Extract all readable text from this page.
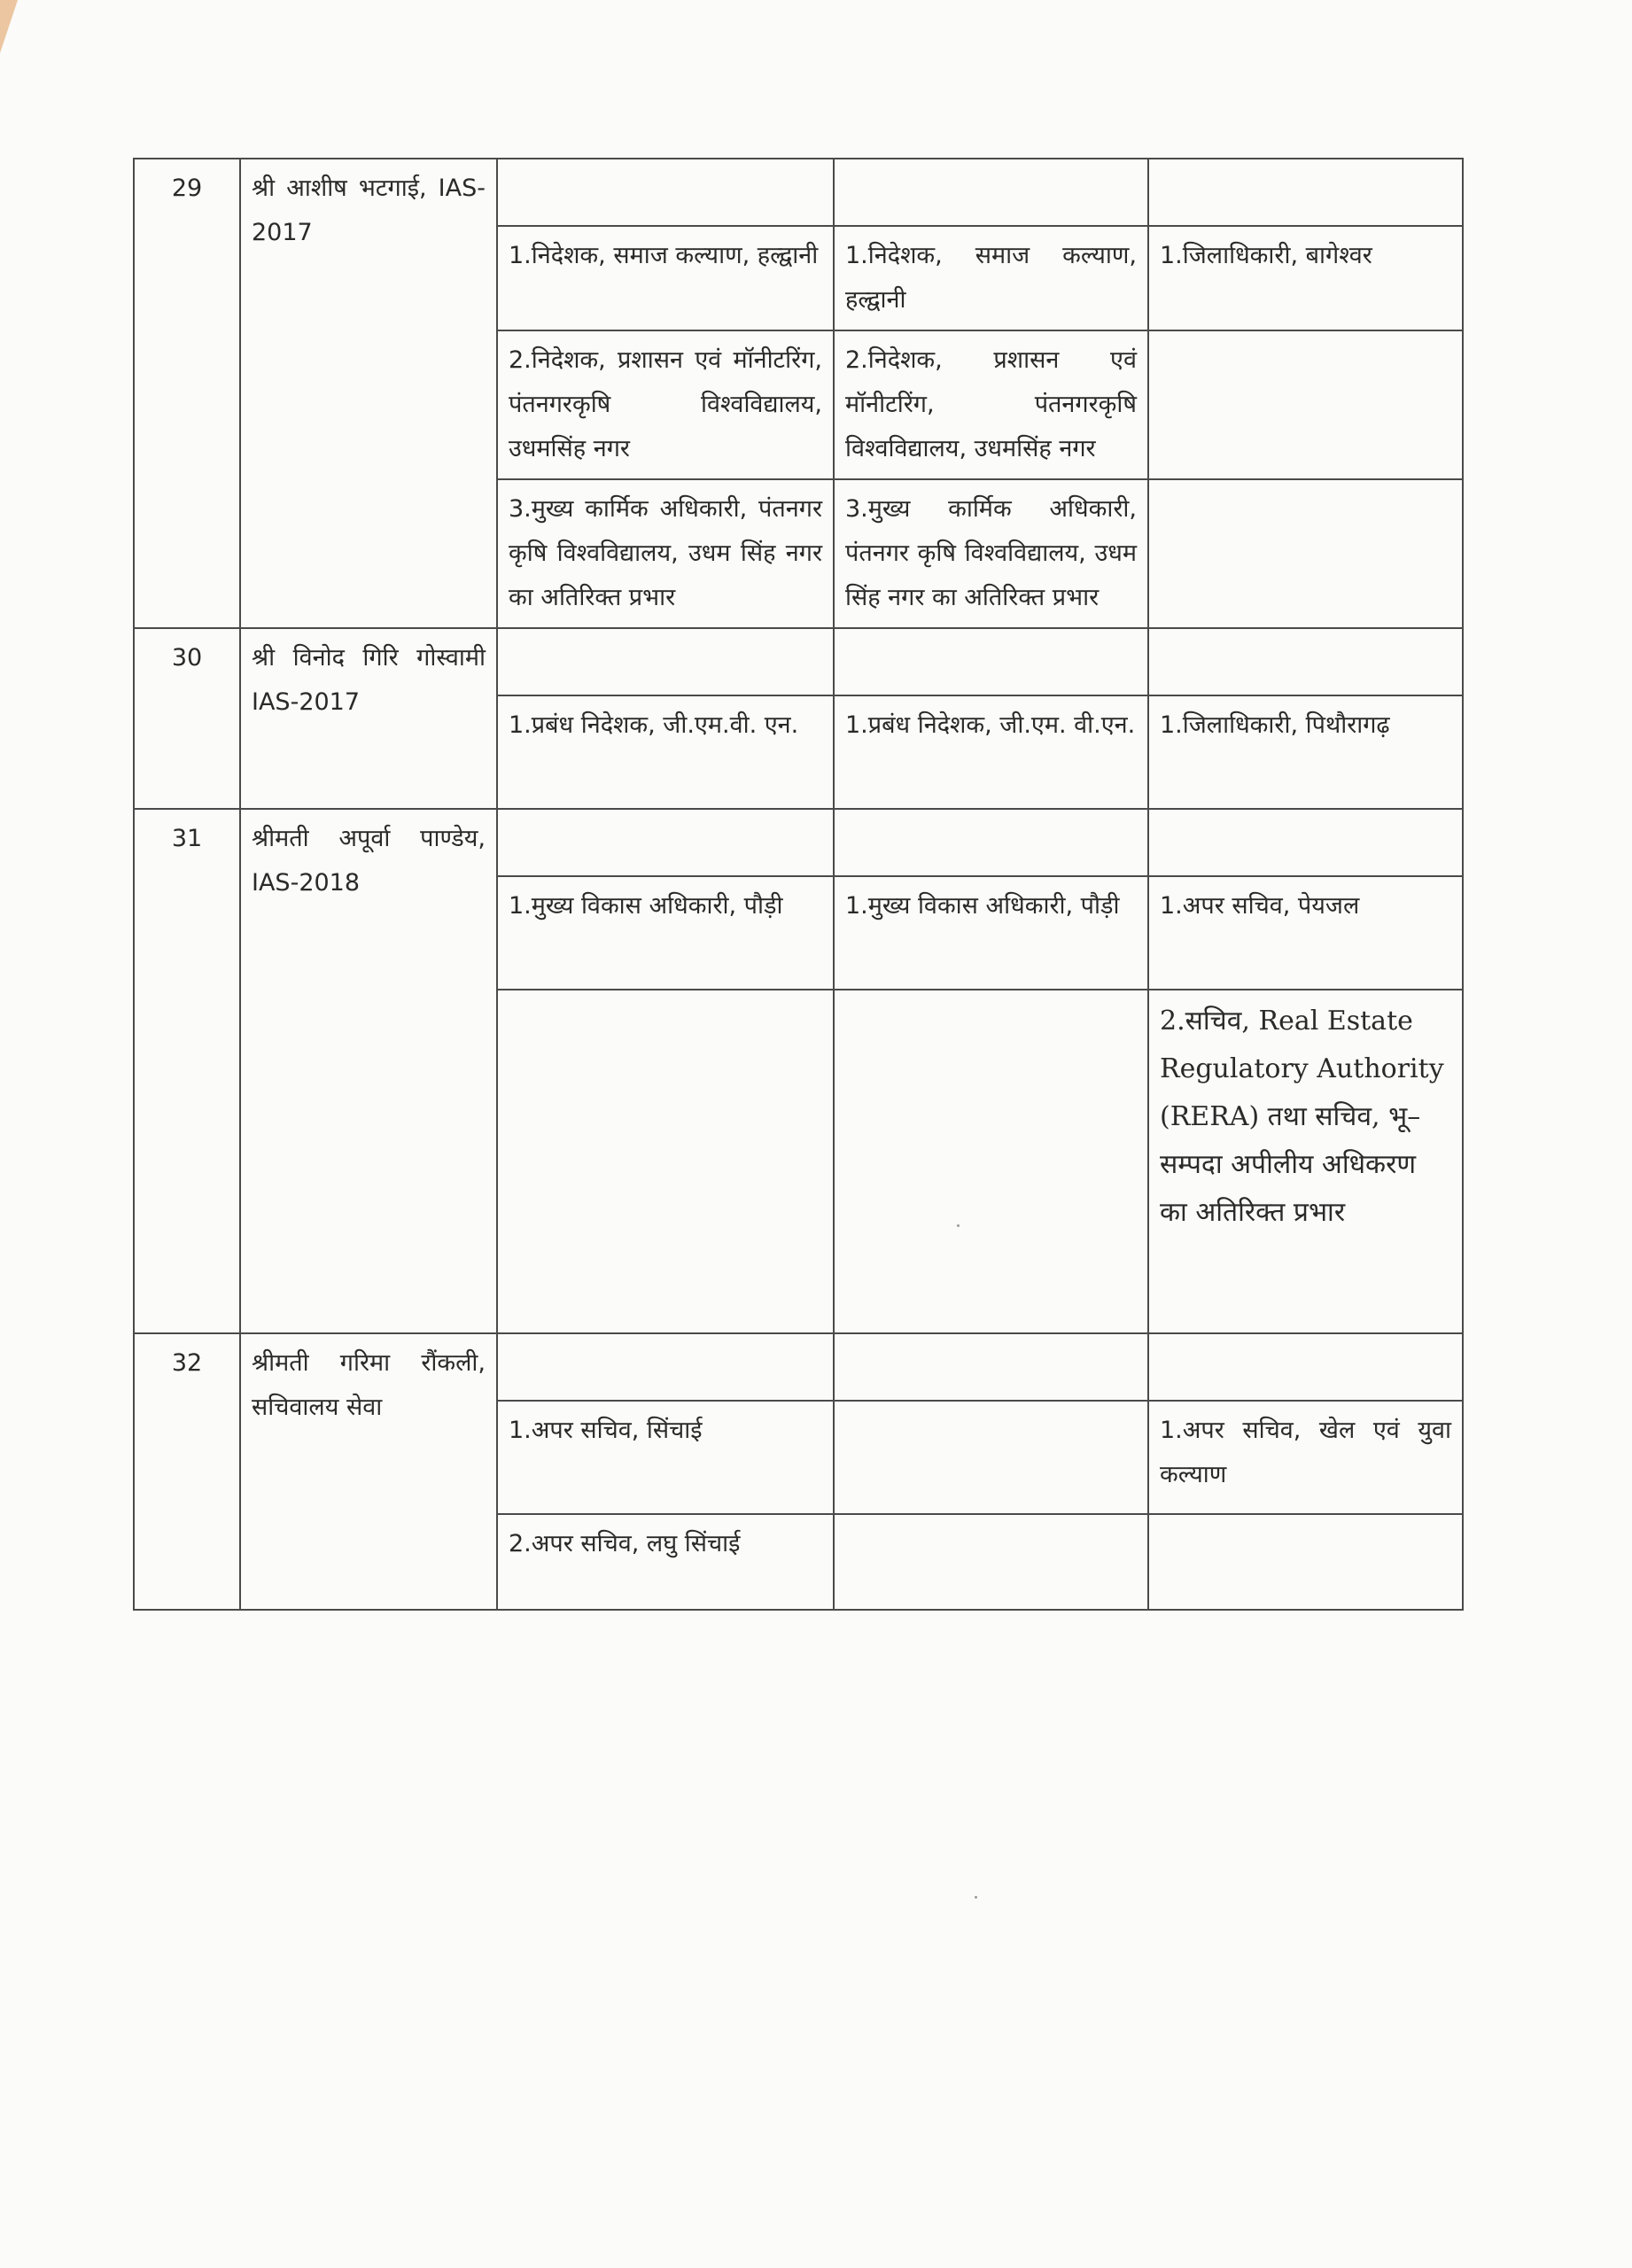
29	श्री आशीष भटगाई, IAS-2017			
		1.निदेशक, समाज कल्याण, हल्द्वानी	1.निदेशक, समाज कल्याण, हल्द्वानी	1.जिलाधिकारी, बागेश्वर
		2.निदेशक, प्रशासन एवं मॉनीटरिंग, पंतनगरकृषि विश्वविद्यालय, उधमसिंह नगर	2.निदेशक, प्रशासन एवं मॉनीटरिंग, पंतनगरकृषि विश्वविद्यालय, उधमसिंह नगर	
		3.मुख्य कार्मिक अधिकारी, पंतनगर कृषि विश्वविद्यालय, उधम सिंह नगर का अतिरिक्त प्रभार	3.मुख्य कार्मिक अधिकारी, पंतनगर कृषि विश्वविद्यालय, उधम सिंह नगर का अतिरिक्त प्रभार	
30	श्री विनोद गिरि गोस्वामी IAS-2017			
		1.प्रबंध निदेशक, जी.एम.वी. एन.	1.प्रबंध निदेशक, जी.एम. वी.एन.	1.जिलाधिकारी, पिथौरागढ़
31	श्रीमती अपूर्वा पाण्डेय, IAS-2018			
		1.मुख्य विकास अधिकारी, पौड़ी	1.मुख्य विकास अधिकारी, पौड़ी	1.अपर सचिव, पेयजल
				2.सचिव, Real Estate Regulatory Authority (RERA) तथा सचिव, भू–सम्पदा अपीलीय अधिकरण का अतिरिक्त प्रभार
32	श्रीमती गरिमा रौंकली, सचिवालय सेवा			
		1.अपर सचिव, सिंचाई		1.अपर सचिव, खेल एवं युवा कल्याण
		2.अपर सचिव, लघु सिंचाई		
